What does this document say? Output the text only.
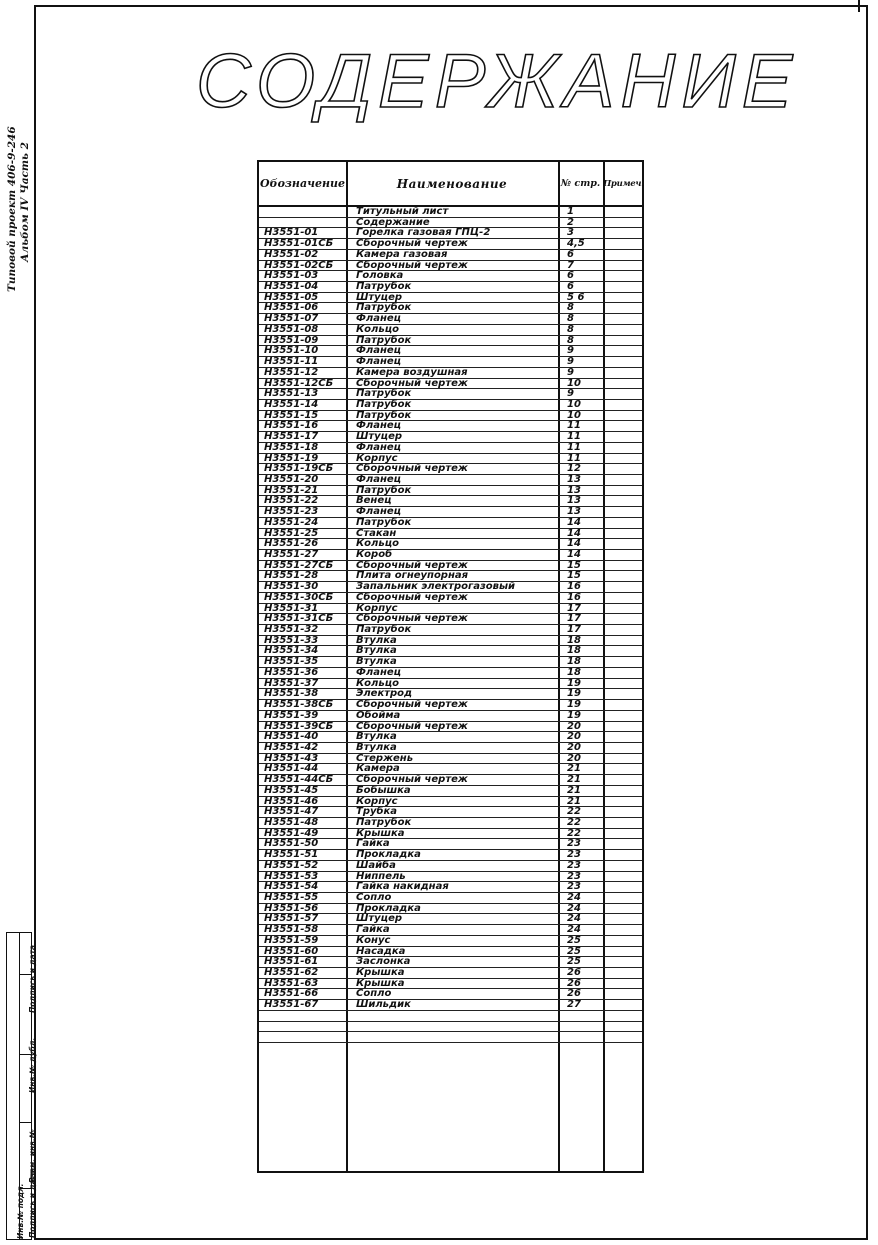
Типовой проект 406-9-246 Альбом IV Часть 2
Инв.№ подл.
Подпись и дата
Инв.№ дубл.
Взам. инв.№
Подпись и дата
СОДЕРЖАНИЕ
Обозначение	Наименование	№ стр. Примеч.
Титульный лист	1
Содержание	2
Н3551-01	Горелка газовая ГПЦ-2	3
Н3551-01СБ	Сборочный чертеж	4,5
Н3551-02	Камера газовая	6
Н3551-02СБ	Сборочный чертеж	7
Н3551-03	Головка	6
Н3551-04	Патрубок	6
Н3551-05	Штуцер	5 6
Н3551-06	Патрубок	8
Н3551-07	Фланец	8
Н3551-08	Кольцо	8
Н3551-09	Патрубок	8
Н3551-10	Фланец	9
Н3551-11	Фланец	9
Н3551-12	Камера воздушная	9
Н3551-12СБ	Сборочный чертеж	10
Н3551-13	Патрубок	9
Н3551-14	Патрубок	10
Н3551-15	Патрубок	10
Н3551-16	Фланец	11
Н3551-17	Штуцер	11
Н3551-18	Фланец	11
Н3551-19	Корпус	11
Н3551-19СБ	Сборочный чертеж	12
Н3551-20	Фланец	13
Н3551-21	Патрубок	13
Н3551-22	Венец	13
Н3551-23	Фланец	13
Н3551-24	Патрубок	14
Н3551-25	Стакан	14
Н3551-26	Кольцо	14
Н3551-27	Короб	14
Н3551-27СБ	Сборочный чертеж	15
Н3551-28	Плита огнеупорная	15
Н3551-30	Запальник электрогазовый	16
Н3551-30СБ	Сборочный чертеж	16
Н3551-31	Корпус	17
Н3551-31СБ	Сборочный чертеж	17
Н3551-32	Патрубок	17
Н3551-33	Втулка	18
Н3551-34	Втулка	18
Н3551-35	Втулка	18
Н3551-36	Фланец	18
Н3551-37	Кольцо	19
Н3551-38	Электрод	19
Н3551-38СБ	Сборочный чертеж	19
Н3551-39	Обойма	19
Н3551-39СБ	Сборочный чертеж	20
Н3551-40	Втулка	20
Н3551-42	Втулка	20
Н3551-43	Стержень	20
Н3551-44	Камера	21
Н3551-44СБ	Сборочный чертеж	21
Н3551-45	Бобышка	21
Н3551-46	Корпус	21
Н3551-47	Трубка	22
Н3551-48	Патрубок	22
Н3551-49	Крышка	22
Н3551-50	Гайка	23
Н3551-51	Прокладка	23
Н3551-52	Шайба	23
Н3551-53	Ниппель	23
Н3551-54	Гайка накидная	23
Н3551-55	Сопло	24
Н3551-56	Прокладка	24
Н3551-57	Штуцер	24
Н3551-58	Гайка	24
Н3551-59	Конус	25
Н3551-60	Насадка	25
Н3551-61	Заслонка	25
Н3551-62	Крышка	26
Н3551-63	Крышка	26
Н3551-66	Сопло	26
Н3551-67	Шильдик	27
